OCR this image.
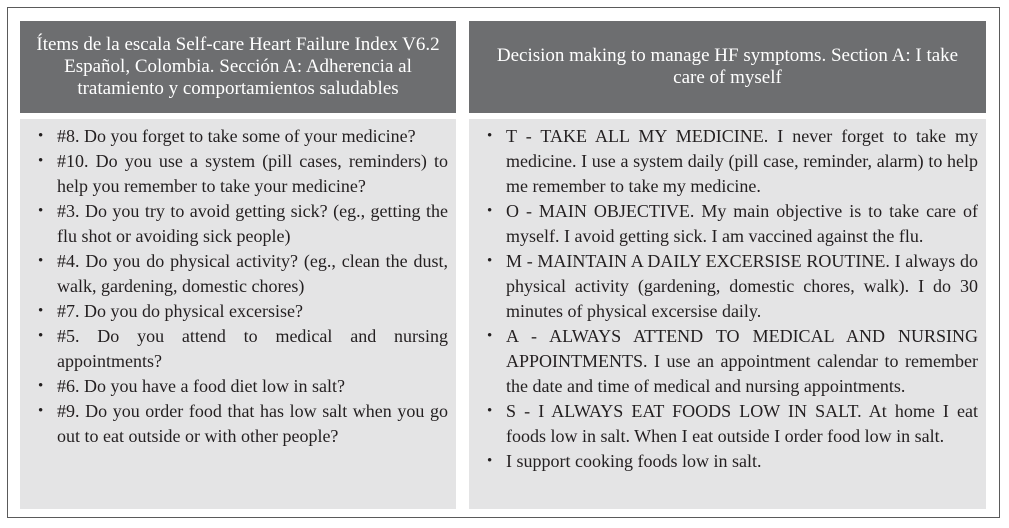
Ítems de la escala Self-care Heart Failure Index V6.2 Español, Colombia. Sección A: Adherencia al tratamiento y comportamientos saludables
• #8. Do you forget to take some of your medicine?
• #10. Do you use a system (pill cases, reminders) to help you remember to take your medicine?
• #3. Do you try to avoid getting sick? (eg., getting the flu shot or avoiding sick people)
• #4. Do you do physical activity? (eg., clean the dust, walk, gardening, domestic chores)
• #7. Do you do physical excersise?
• #5. Do you attend to medical and nursing appointments?
• #6. Do you have a food diet low in salt?
• #9. Do you order food that has low salt when you go out to eat outside or with other people?
Decision making to manage HF symptoms. Section A: I take care of myself
• T - TAKE ALL MY MEDICINE. I never forget to take my medicine. I use a system daily (pill case, reminder, alarm) to help me remember to take my medicine.
• O - MAIN OBJECTIVE. My main objective is to take care of myself. I avoid getting sick. I am vaccined against the flu.
• M - MAINTAIN A DAILY EXCERSISE ROUTINE. I always do physical activity (gardening, domestic chores, walk). I do 30 minutes of physical excersise daily.
• A - ALWAYS ATTEND TO MEDICAL AND NURSING APPOINTMENTS. I use an appointment calendar to remember the date and time of medical and nursing appointments.
• S - I ALWAYS EAT FOODS LOW IN SALT. At home I eat foods low in salt. When I eat outside I order food low in salt.
• I support cooking foods low in salt.
